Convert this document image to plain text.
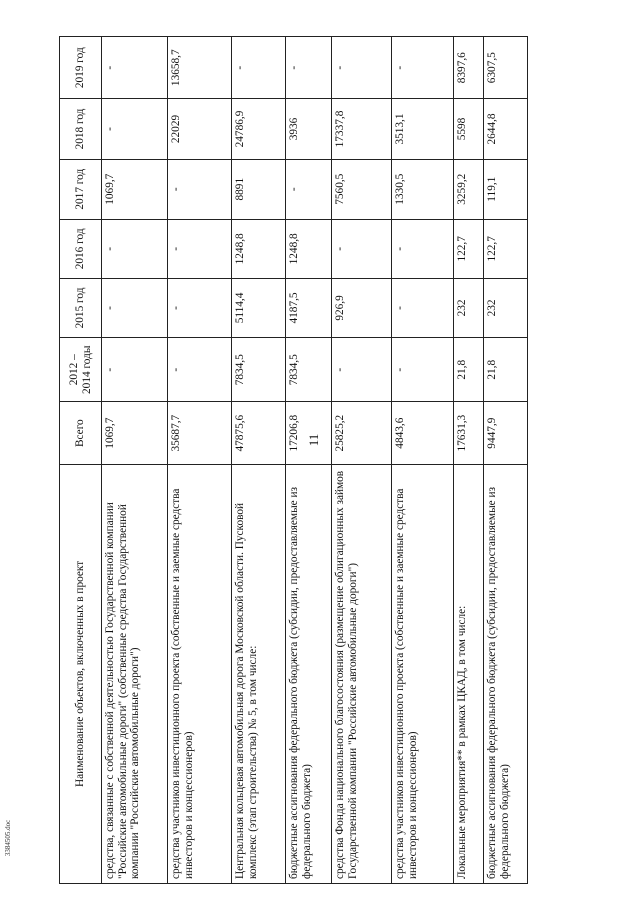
11
3384505.doc
Наименование объектов, включенных в проект	Всего	2012 – 2014 годы	2015 год	2016 год	2017 год	2018 год	2019 год
средства, связанные с собственной деятельностью Государственной компании "Российские автомобильные дороги" (собственные средства Государственной компании "Российские автомобильные дороги")	1069,7	-	-	-	1069,7	-	-
средства участников инвестиционного проекта (собственные и заемные средства инвесторов и концессионеров)	35687,7	-	-	-	-	22029	13658,7
Центральная кольцевая автомобильная дорога Московской области. Пусковой комплекс (этап строительства) № 5, в том числе:	47875,6	7834,5	5114,4	1248,8	8891	24786,9	-
бюджетные ассигнования федерального бюджета (субсидии, предоставляемые из федерального бюджета)	17206,8	7834,5	4187,5	1248,8	-	3936	-
средства Фонда национального благосостояния (размещение облигационных займов Государственной компании "Российские автомобильные дороги")	25825,2	-	926,9	-	7560,5	17337,8	-
средства участников инвестиционного проекта (собственные и заемные средства инвесторов и концессионеров)	4843,6	-	-	-	1330,5	3513,1	-
Локальные мероприятия** в рамках ЦКАД, в том числе:	17631,3	21,8	232	122,7	3259,2	5598	8397,6
бюджетные ассигнования федерального бюджета (субсидии, предоставляемые из федерального бюджета)	9447,9	21,8	232	122,7	119,1	2644,8	6307,5
